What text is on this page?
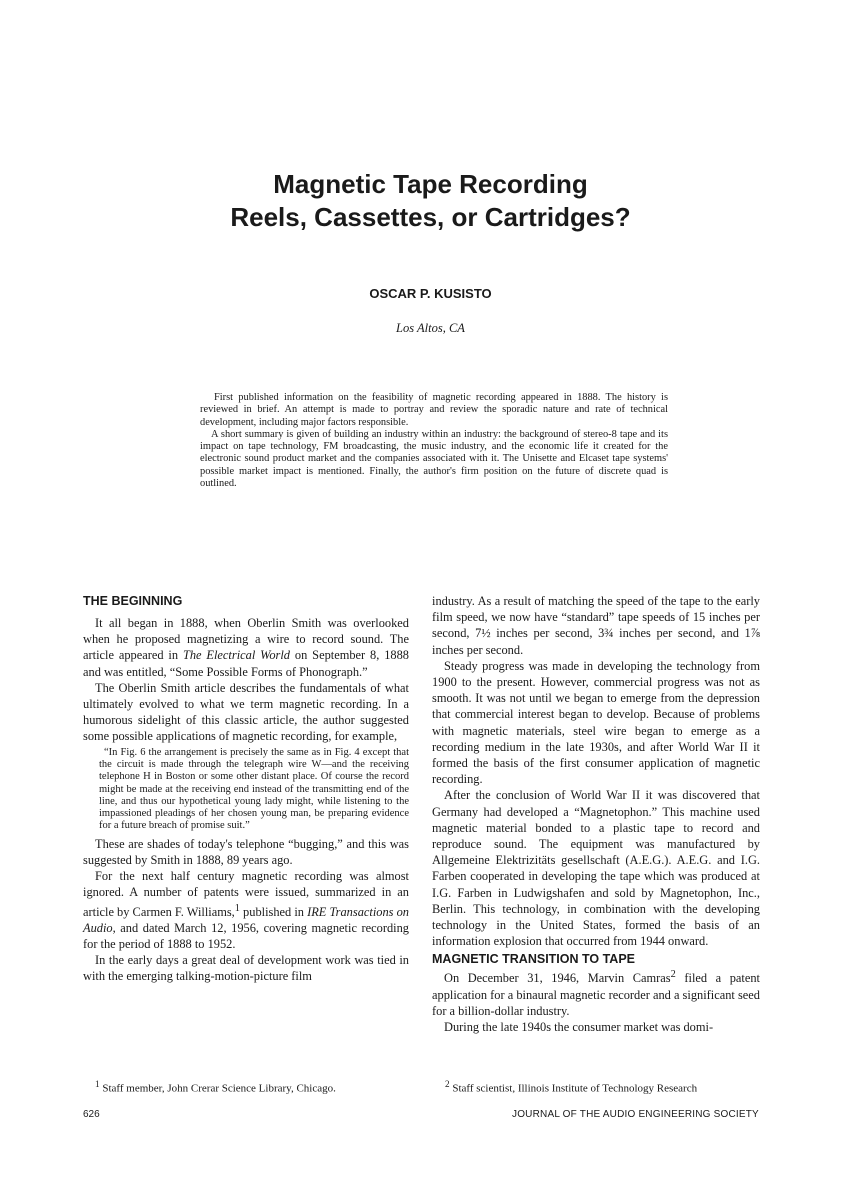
Magnetic Tape Recording
Reels, Cassettes, or Cartridges?
OSCAR P. KUSISTO
Los Altos, CA

First published information on the feasibility of magnetic recording appeared in 1888. The history is reviewed in brief. An attempt is made to portray and review the sporadic nature and rate of technical development, including major factors responsible.

A short summary is given of building an industry within an industry: the background of stereo-8 tape and its impact on tape technology, FM broadcasting, the music industry, and the economic life it created for the electronic sound product market and the companies associated with it. The Unisette and Elcaset tape systems' possible market impact is mentioned. Finally, the author's firm position on the future of discrete quad is outlined.

THE BEGINNING

It all began in 1888, when Oberlin Smith was overlooked when he proposed magnetizing a wire to record sound. The article appeared in The Electrical World on September 8, 1888 and was entitled, “Some Possible Forms of Phonograph.”

The Oberlin Smith article describes the fundamentals of what ultimately evolved to what we term magnetic recording. In a humorous sidelight of this classic article, the author suggested some possible applications of magnetic recording, for example,

“In Fig. 6 the arrangement is precisely the same as in Fig. 4 except that the circuit is made through the telegraph wire W—and the receiving telephone H in Boston or some other distant place. Of course the record might be made at the receiving end instead of the transmitting end of the line, and thus our hypothetical young lady might, while listening to the impassioned pleadings of her chosen young man, be preparing evidence for a future breach of promise suit.”

These are shades of today's telephone “bugging,” and this was suggested by Smith in 1888, 89 years ago.

For the next half century magnetic recording was almost ignored. A number of patents were issued, summarized in an article by Carmen F. Williams,$^1$ published in IRE Transactions on Audio, and dated March 12, 1956, covering magnetic recording for the period of 1888 to 1952.

In the early days a great deal of development work was tied in with the emerging talking-motion-picture film

industry. As a result of matching the speed of the tape to the early film speed, we now have “standard” tape speeds of 15 inches per second, 7½ inches per second, 3¾ inches per second, and 1⅞ inches per second.

Steady progress was made in developing the technology from 1900 to the present. However, commercial progress was not as smooth. It was not until we began to emerge from the depression that commercial interest began to develop. Because of problems with magnetic materials, steel wire began to emerge as a recording medium in the late 1930s, and after World War II it formed the basis of the first consumer application of magnetic recording.

After the conclusion of World War II it was discovered that Germany had developed a “Magnetophon.” This machine used magnetic material bonded to a plastic tape to record and reproduce sound. The equipment was manufactured by Allgemeine Elektrizitäts gesellschaft (A.E.G.). A.E.G. and I.G. Farben cooperated in developing the tape which was produced at I.G. Farben in Ludwigshafen and sold by Magnetophon, Inc., Berlin. This technology, in combination with the developing technology in the United States, formed the basis of an information explosion that occurred from 1944 onward.

MAGNETIC TRANSITION TO TAPE

On December 31, 1946, Marvin Camras$^2$ filed a patent application for a binaural magnetic recorder and a significant seed for a billion-dollar industry.

During the late 1940s the consumer market was domi-

$^1$ Staff member, John Crerar Science Library, Chicago.	$^2$ Staff scientist, Illinois Institute of Technology Research
626	JOURNAL OF THE AUDIO ENGINEERING SOCIETY
